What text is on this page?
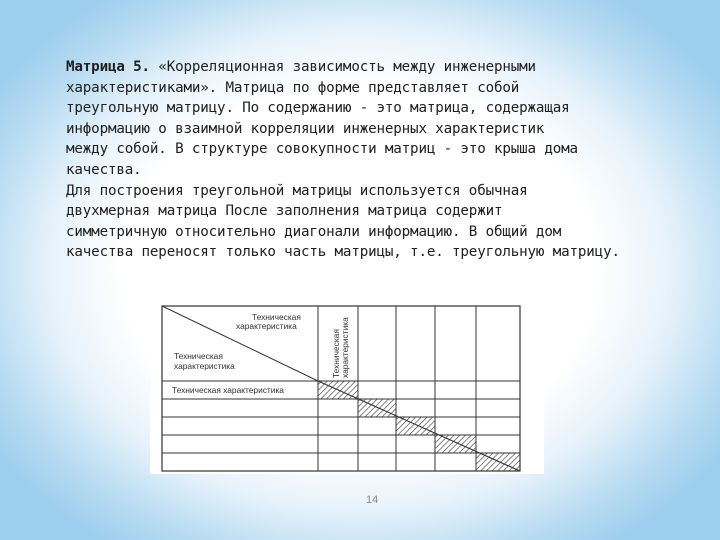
Матрица 5. «Корреляционная зависимость между инженерными

характеристиками». Матрица по форме представляет собой

треугольную матрицу. По содержанию - это матрица, содержащая

информацию о взаимной корреляции инженерных характеристик

между собой. В структуре совокупности матриц - это крыша дома

качества.

Для построения треугольной матрицы используется обычная

двухмерная матрица После заполнения матрица содержит

симметричную относительно диагонали информацию. В общий дом

качества переносят только часть матрицы, т.е. треугольную матрицу.

Техническая
характеристика
Техническая
характеристика	Техническая характеристика
Техническая характеристика
14
